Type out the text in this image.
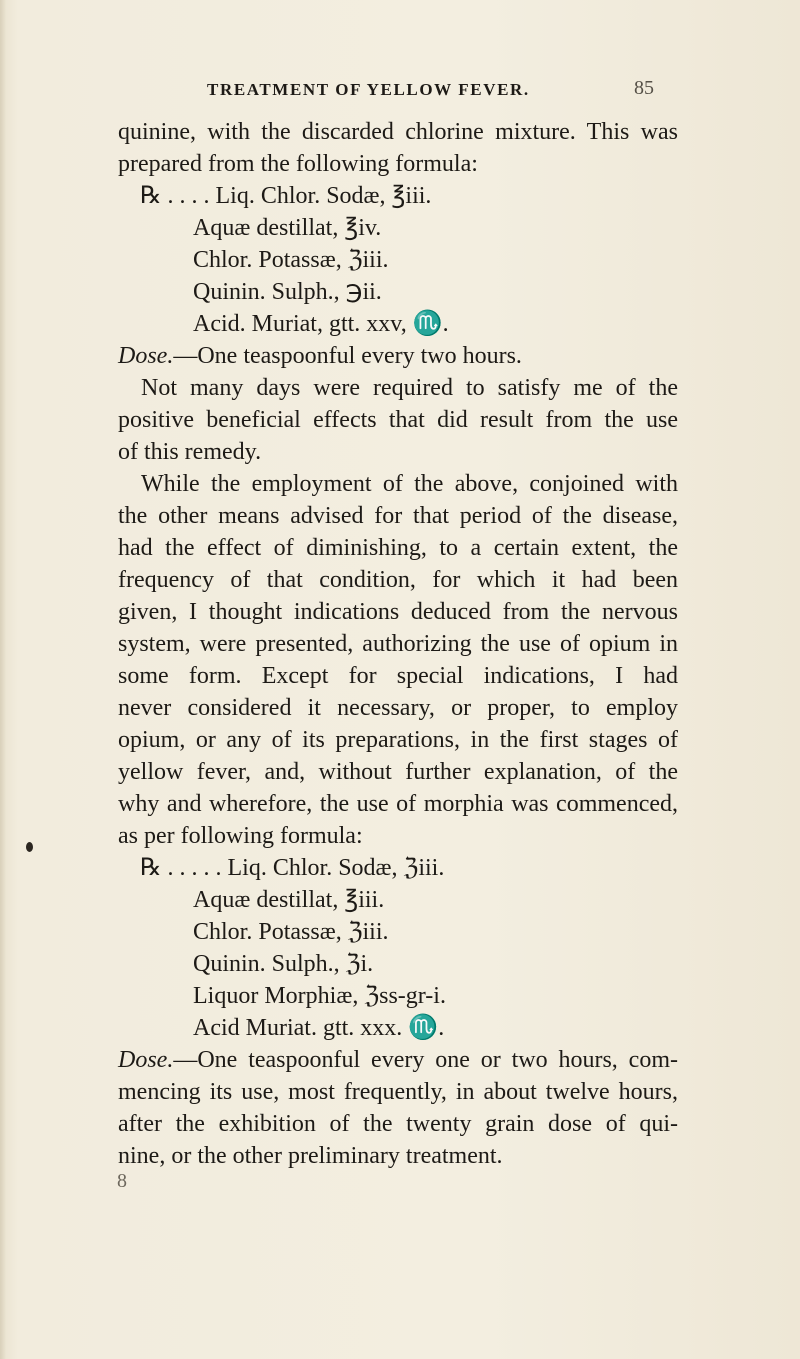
TREATMENT OF YELLOW FEVER.	85
quinine, with the discarded chlorine mixture. This was
prepared from the following formula:
℞ . . . . Liq. Chlor. Sodæ, ℥iii.
Aquæ destillat, ℥iv.
Chlor. Potassæ, ℨiii.
Quinin. Sulph., ℈ii.
Acid. Muriat, gtt. xxv, ♏.
Dose.—One teaspoonful every two hours.
Not many days were required to satisfy me of the
positive beneficial effects that did result from the use
of this remedy.
While the employment of the above, conjoined with
the other means advised for that period of the disease,
had the effect of diminishing, to a certain extent, the
frequency of that condition, for which it had been
given, I thought indications deduced from the nervous
system, were presented, authorizing the use of opium in
some form. Except for special indications, I had
never considered it necessary, or proper, to employ
opium, or any of its preparations, in the first stages of
yellow fever, and, without further explanation, of the
why and wherefore, the use of morphia was commenced,
as per following formula:
℞ . . . . . Liq. Chlor. Sodæ, ℨiii.
Aquæ destillat, ℥iii.
Chlor. Potassæ, ℨiii.
Quinin. Sulph., ℨi.
Liquor Morphiæ, ℨss-gr-i.
Acid Muriat. gtt. xxx. ♏.
Dose.—One teaspoonful every one or two hours, com-
mencing its use, most frequently, in about twelve hours,
after the exhibition of the twenty grain dose of qui-
nine, or the other preliminary treatment.
8
